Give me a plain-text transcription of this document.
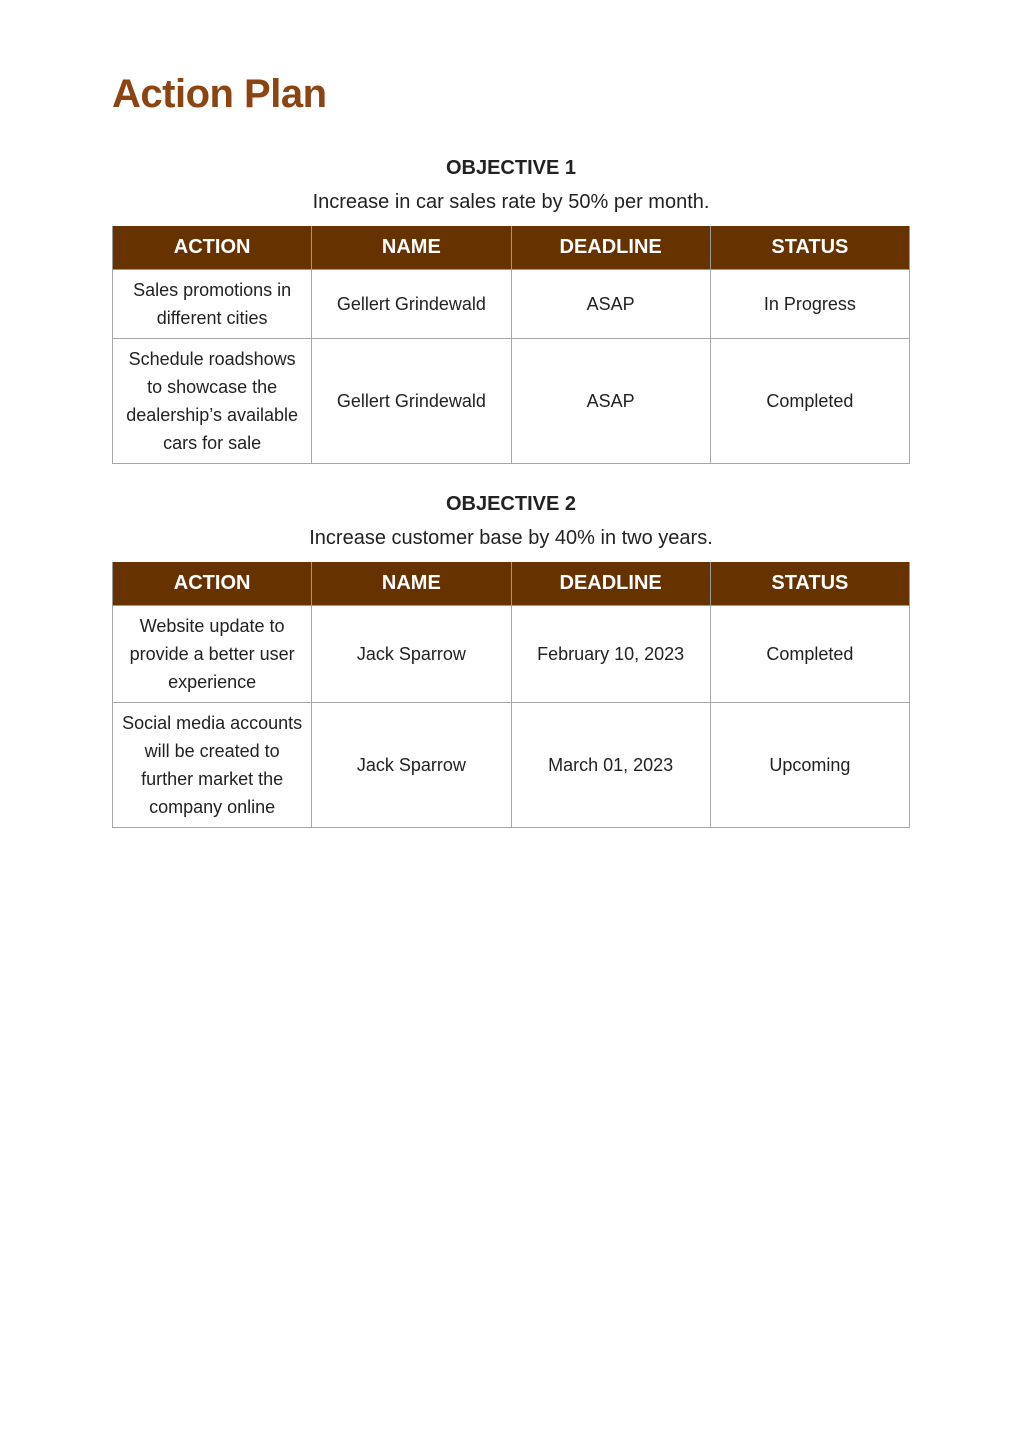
Action Plan
OBJECTIVE 1
Increase in car sales rate by 50% per month.
ACTION	NAME	DEADLINE	STATUS
Sales promotions in different cities	Gellert Grindewald	ASAP	In Progress
Schedule roadshows to showcase the dealership’s available cars for sale	Gellert Grindewald	ASAP	Completed
OBJECTIVE 2
Increase customer base by 40% in two years.
ACTION	NAME	DEADLINE	STATUS
Website update to provide a better user experience	Jack Sparrow	February 10, 2023	Completed
Social media accounts will be created to further market the company online	Jack Sparrow	March 01, 2023	Upcoming
